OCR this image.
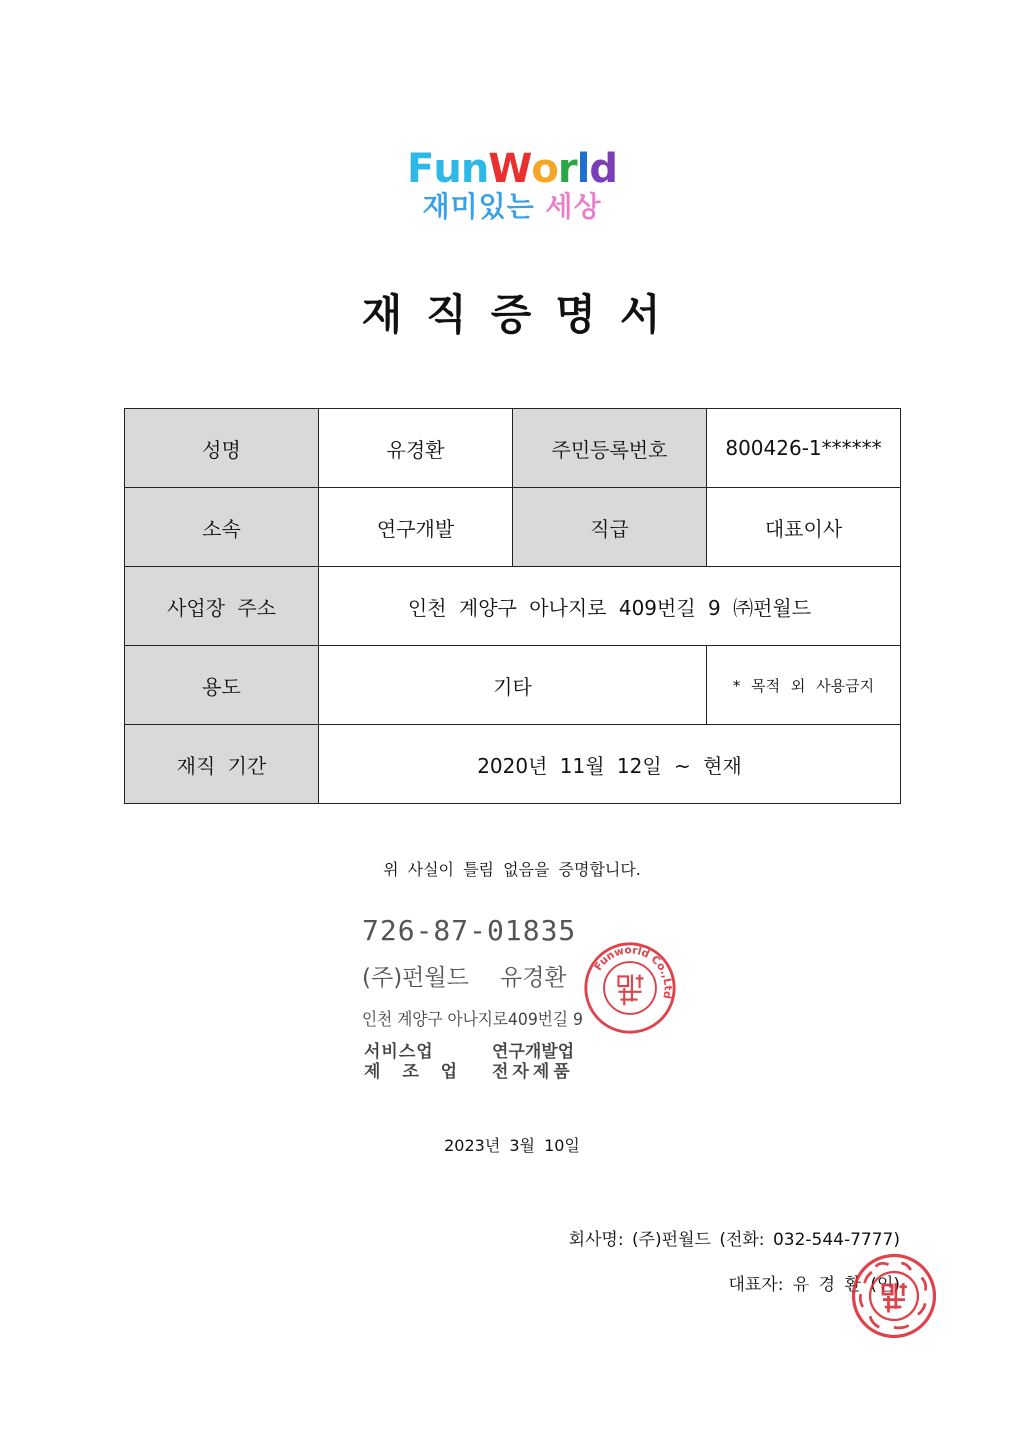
FunWorld
재미있는 세상
재직증명서
성명	유경환	주민등록번호	800426-1******
소속	연구개발	직급	대표이사
사업장 주소	인천 계양구 아나지로 409번길 9 ㈜펀월드		
용도	기타		* 목적 외 사용금지
재직 기간	2020년 11월 12일 ~ 현재		
위 사실이 틀림 없음을 증명합니다.
726-87-01835
(주)펀월드 유경환
인천 계양구 아나지로409번길 9
서비스업
제 조 업
연구개발업
전자제품
Funworld Co.,Ltd
2023년 3월 10일
회사명: (주)펀월드 (전화: 032-544-7777)
대표자: 유 경 환 (인)
